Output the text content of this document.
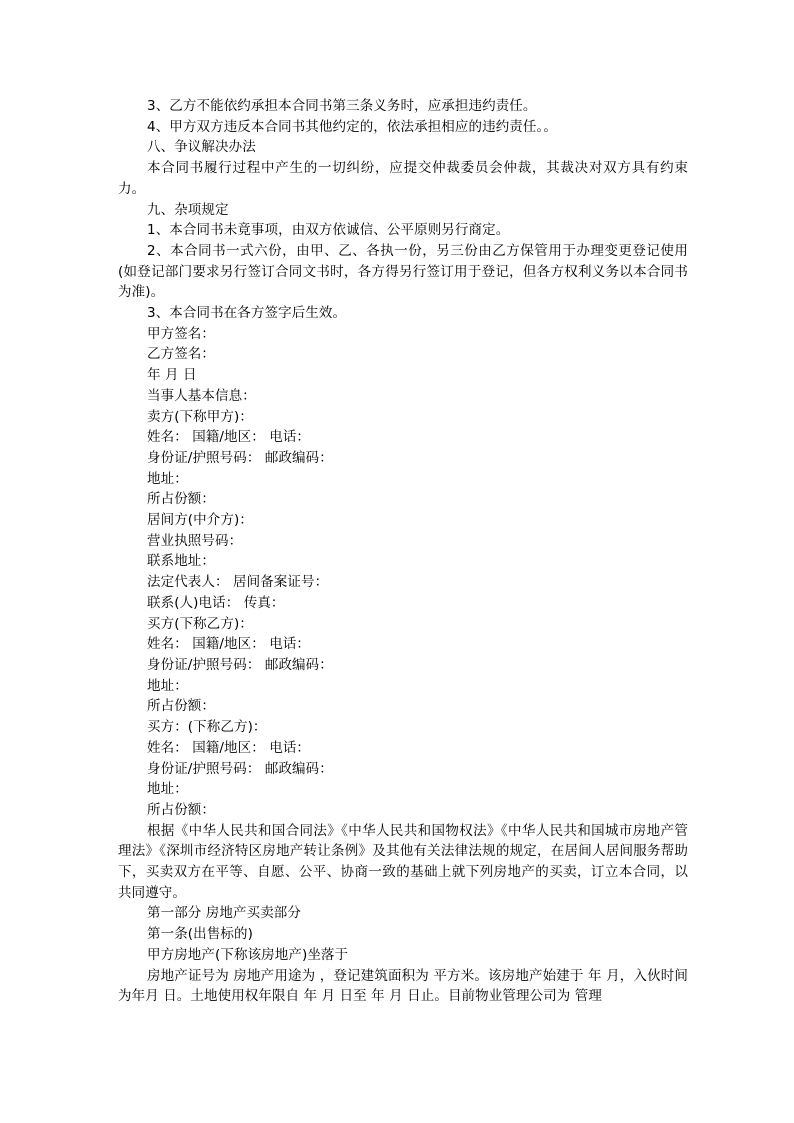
3、乙方不能依约承担本合同书第三条义务时，应承担违约责任。
4、甲方双方违反本合同书其他约定的，依法承担相应的违约责任。。
八、争议解决办法
本合同书履行过程中产生的一切纠纷，应提交仲裁委员会仲裁，其裁决对双方具有约束力。
九、杂项规定
1、本合同书未竟事项，由双方依诚信、公平原则另行商定。
2、本合同书一式六份，由甲、乙、各执一份，另三份由乙方保管用于办理变更登记使用(如登记部门要求另行签订合同文书时，各方得另行签订用于登记，但各方权利义务以本合同书为准)。
3、本合同书在各方签字后生效。
甲方签名：
乙方签名：
年 月 日
当事人基本信息：
卖方(下称甲方)：
姓名： 国籍/地区： 电话：
身份证/护照号码： 邮政编码：
地址：
所占份额：
居间方(中介方)：
营业执照号码：
联系地址：
法定代表人： 居间备案证号：
联系(人)电话： 传真：
买方(下称乙方)：
姓名： 国籍/地区： 电话：
身份证/护照号码： 邮政编码：
地址：
所占份额：
买方：(下称乙方)：
姓名： 国籍/地区： 电话：
身份证/护照号码： 邮政编码：
地址：
所占份额：
根据《中华人民共和国合同法》《中华人民共和国物权法》《中华人民共和国城市房地产管理法》《深圳市经济特区房地产转让条例》及其他有关法律法规的规定，在居间人居间服务帮助下，买卖双方在平等、自愿、公平、协商一致的基础上就下列房地产的买卖，订立本合同，以共同遵守。
第一部分 房地产买卖部分
第一条(出售标的)
甲方房地产(下称该房地产)坐落于
房地产证号为 房地产用途为 ，登记建筑面积为 平方米。该房地产始建于 年 月，入伙时间为年月 日。土地使用权年限自 年 月 日至 年 月 日止。目前物业管理公司为 管理
